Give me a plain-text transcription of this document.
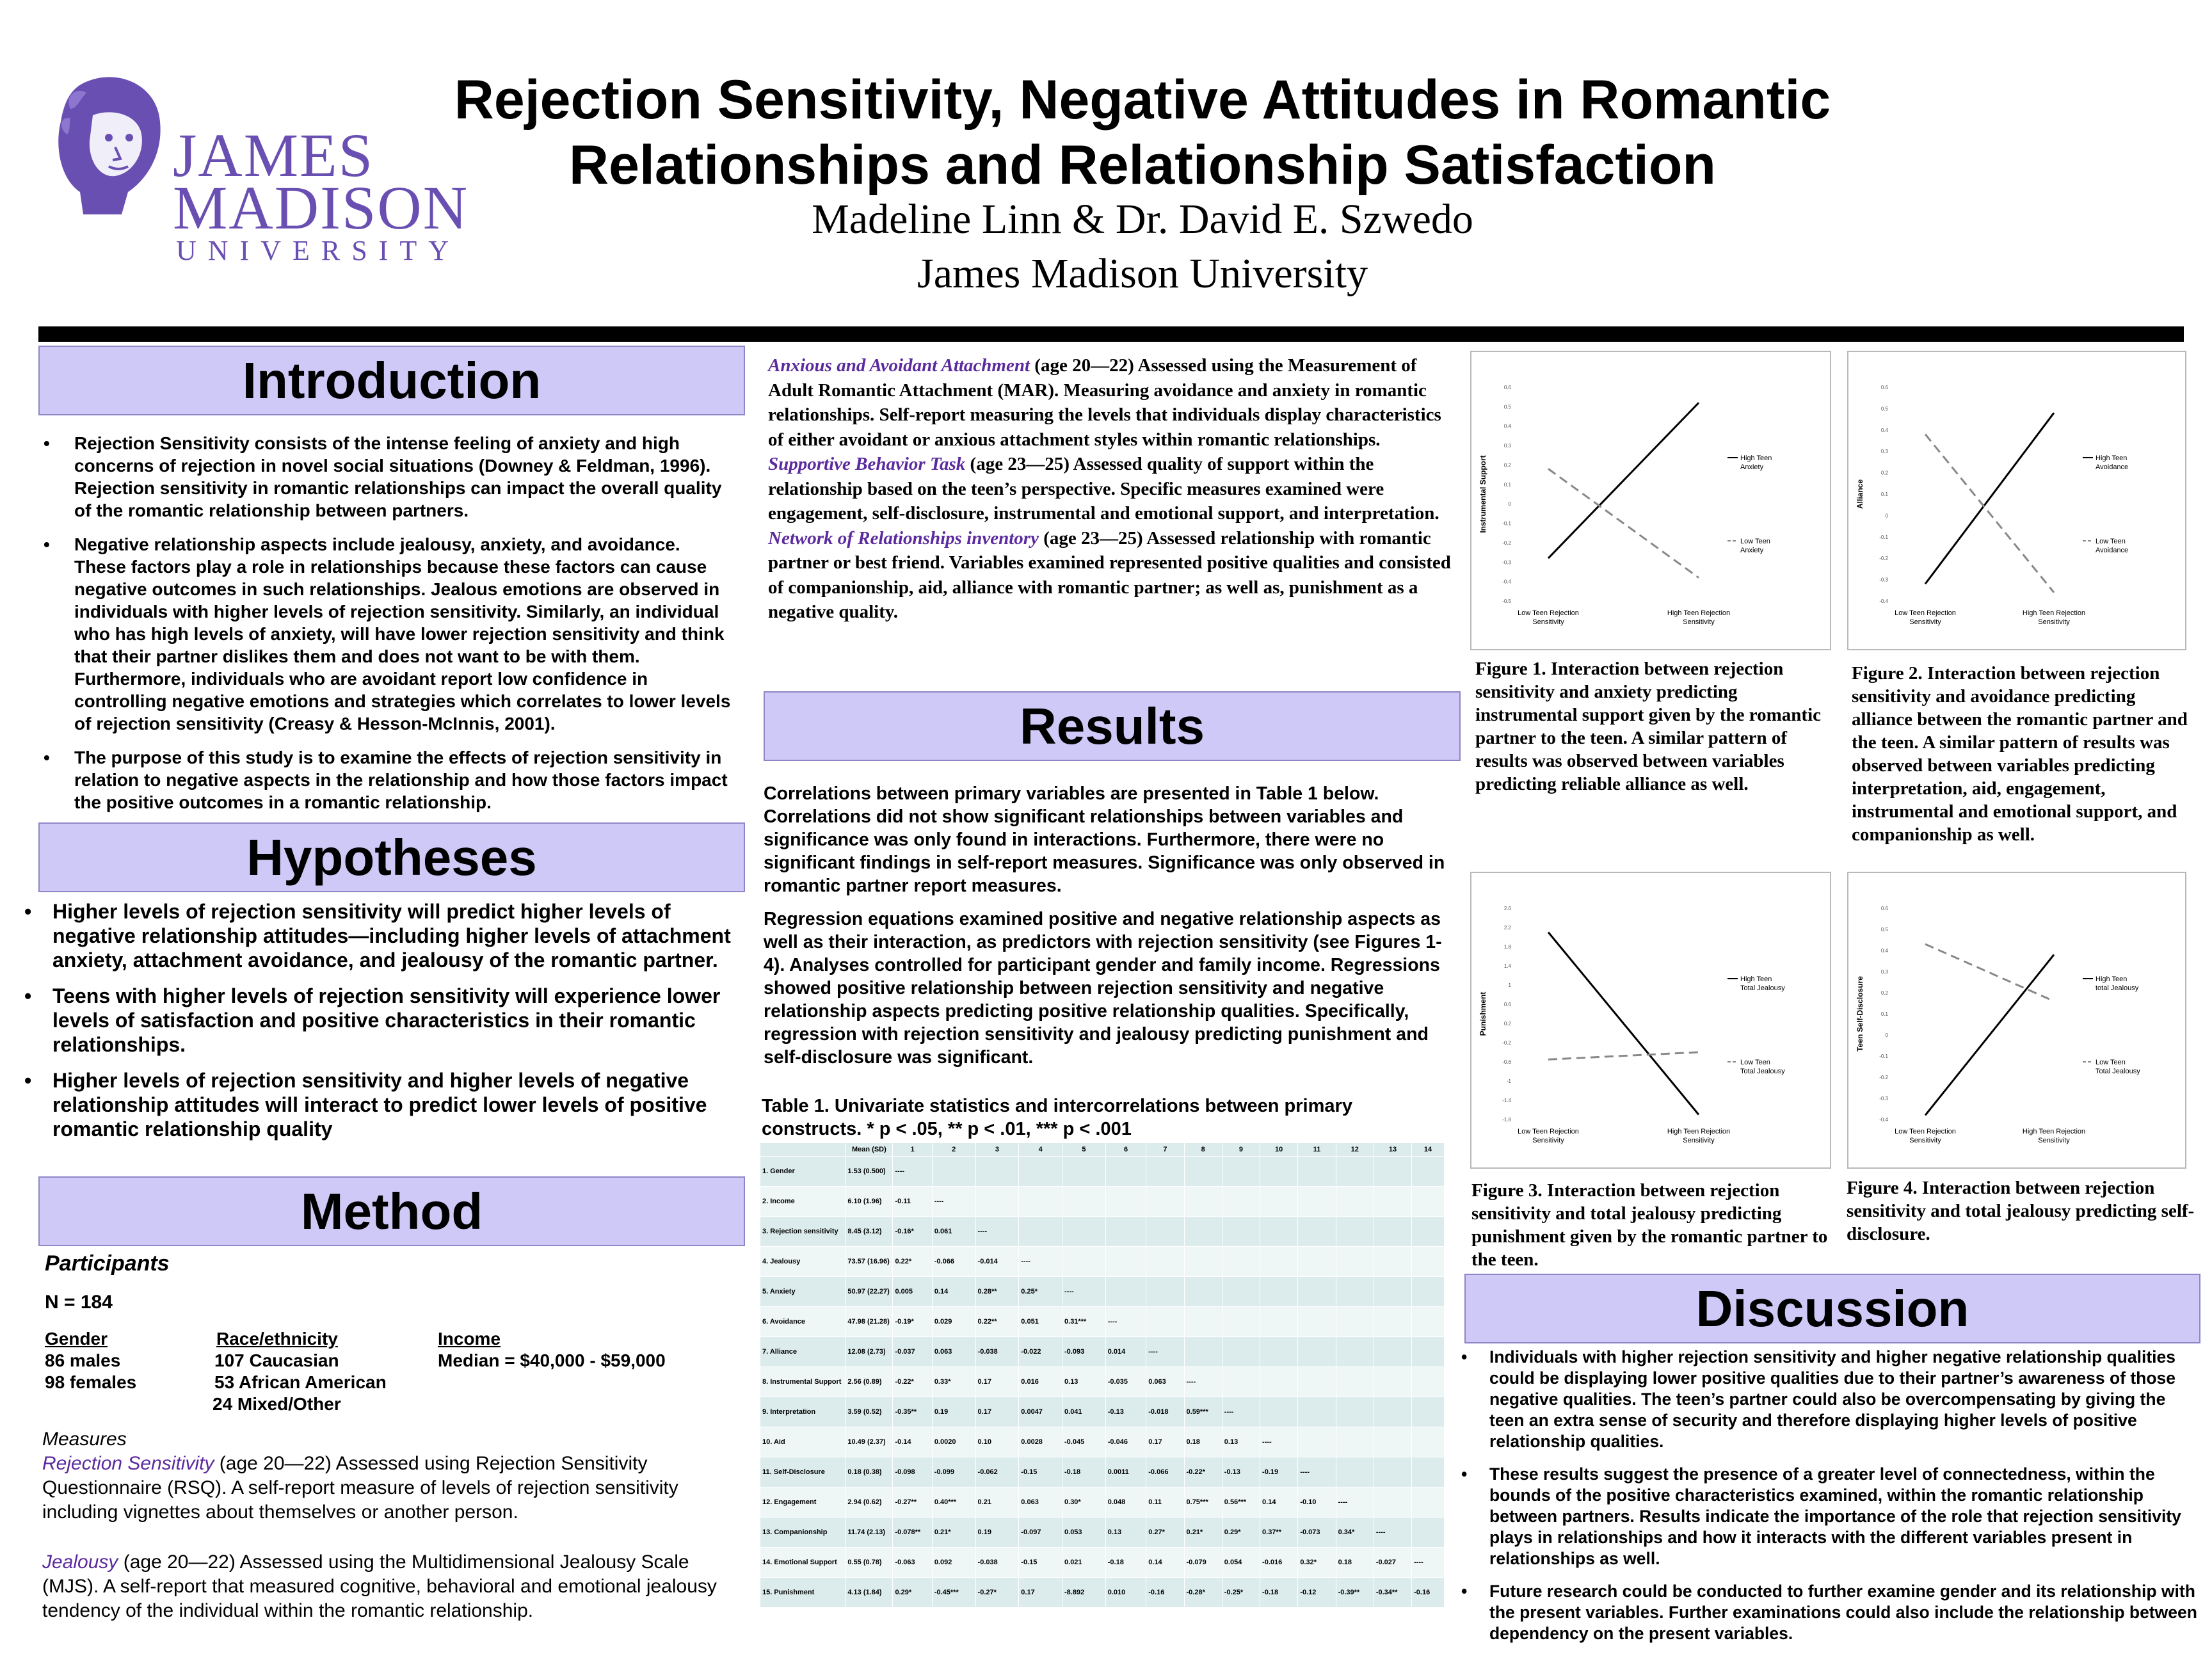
JAMES
MADISON
UNIVERSITY
Rejection Sensitivity, Negative Attitudes in Romantic
Relationships and Relationship Satisfaction
Madeline Linn & Dr. David E. Szwedo
James Madison University
Introduction
• Rejection Sensitivity consists of the intense feeling of anxiety and high concerns of rejection in novel social situations (Downey & Feldman, 1996). Rejection sensitivity in romantic relationships can impact the overall quality of the romantic relationship between partners.
• Negative relationship aspects include jealousy, anxiety, and avoidance. These factors play a role in relationships because these factors can cause negative outcomes in such relationships. Jealous emotions are observed in individuals with higher levels of rejection sensitivity. Similarly, an individual who has high levels of anxiety, will have lower rejection sensitivity and think that their partner dislikes them and does not want to be with them. Furthermore, individuals who are avoidant report low confidence in controlling negative emotions and strategies which correlates to lower levels of rejection sensitivity (Creasy & Hesson-McInnis, 2001).
• The purpose of this study is to examine the effects of rejection sensitivity in relation to negative aspects in the relationship and how those factors impact the positive outcomes in a romantic relationship.
Hypotheses
• Higher levels of rejection sensitivity will predict higher levels of negative relationship attitudes—including higher levels of attachment anxiety, attachment avoidance, and jealousy of the romantic partner.
• Teens with higher levels of rejection sensitivity will experience lower levels of satisfaction and positive characteristics in their romantic relationships.
• Higher levels of rejection sensitivity and higher levels of negative relationship attitudes will interact to predict lower levels of positive romantic relationship quality
Method
Participants
N = 184
Gender
86 males
98 females
Race/ethnicity
107 Caucasian
53 African American
24 Mixed/Other
Income
Median = $40,000 - $59,000
Measures
Rejection Sensitivity (age 20—22) Assessed using Rejection Sensitivity Questionnaire (RSQ). A self-report measure of levels of rejection sensitivity including vignettes about themselves or another person.
Jealousy (age 20—22) Assessed using the Multidimensional Jealousy Scale (MJS). A self-report that measured cognitive, behavioral and emotional jealousy tendency of the individual within the romantic relationship.
Anxious and Avoidant Attachment (age 20—22) Assessed using the Measurement of Adult Romantic Attachment (MAR). Measuring avoidance and anxiety in romantic relationships. Self-report measuring the levels that individuals display characteristics of either avoidant or anxious attachment styles within romantic relationships.
Supportive Behavior Task (age 23—25) Assessed quality of support within the relationship based on the teen’s perspective. Specific measures examined were engagement, self-disclosure, instrumental and emotional support, and interpretation.
Network of Relationships inventory (age 23—25) Assessed relationship with romantic partner or best friend. Variables examined represented positive qualities and consisted of companionship, aid, alliance with romantic partner; as well as, punishment as a negative quality.
Results
Correlations between primary variables are presented in Table 1 below. Correlations did not show significant relationships between variables and significance was only found in interactions. Furthermore, there were no significant findings in self-report measures. Significance was only observed in romantic partner report measures.
Regression equations examined positive and negative relationship aspects as well as their interaction, as predictors with rejection sensitivity (see Figures 1-4). Analyses controlled for participant gender and family income. Regressions showed positive relationship between rejection sensitivity and negative relationship aspects predicting positive relationship qualities. Specifically, regression with rejection sensitivity and jealousy predicting punishment and self-disclosure was significant.
Table 1. Univariate statistics and intercorrelations between primary
constructs. * p < .05, ** p < .01, *** p < .001
	Mean (SD)	1	2	3	4	5	6	7	8	9	10	11	12	13	14
1. Gender	1.53 (0.500)	----													
2. Income	6.10 (1.96)	-0.11	----												
3. Rejection sensitivity	8.45 (3.12)	-0.16*	0.061	----											
4. Jealousy	73.57 (16.96)	0.22*	-0.066	-0.014	----										
5. Anxiety	50.97 (22.27)	0.005	0.14	0.28**	0.25*	----									
6. Avoidance	47.98 (21.28)	-0.19*	0.029	0.22**	0.051	0.31***	----								
7. Alliance	12.08 (2.73)	-0.037	0.063	-0.038	-0.022	-0.093	0.014	----							
8. Instrumental Support	2.56 (0.89)	-0.22*	0.33*	0.17	0.016	0.13	-0.035	0.063	----						
9. Interpretation	3.59 (0.52)	-0.35**	0.19	0.17	0.0047	0.041	-0.13	-0.018	0.59***	----					
10. Aid	10.49 (2.37)	-0.14	0.0020	0.10	0.0028	-0.045	-0.046	0.17	0.18	0.13	----				
11. Self-Disclosure	0.18 (0.38)	-0.098	-0.099	-0.062	-0.15	-0.18	0.0011	-0.066	-0.22*	-0.13	-0.19	----			
12. Engagement	2.94 (0.62)	-0.27**	0.40***	0.21	0.063	0.30*	0.048	0.11	0.75***	0.56***	0.14	-0.10	----		
13. Companionship	11.74 (2.13)	-0.078**	0.21*	0.19	-0.097	0.053	0.13	0.27*	0.21*	0.29*	0.37**	-0.073	0.34*	----	
14. Emotional Support	0.55 (0.78)	-0.063	0.092	-0.038	-0.15	0.021	-0.18	0.14	-0.079	0.054	-0.016	0.32*	0.18	-0.027	----
15. Punishment	4.13 (1.84)	0.29*	-0.45***	-0.27*	0.17	-8.892	0.010	-0.16	-0.28*	-0.25*	-0.18	-0.12	-0.39**	-0.34**	-0.16
0.6
0.5
0.4
0.3
0.2
0.1
0
-0.1
-0.2
-0.3
-0.4
-0.5
Instrumental Support
Low Teen Rejection Sensitivity
High Teen Rejection Sensitivity
High Teen Anxiety
Low Teen Anxiety
0.6
0.5
0.4
0.3
0.2
0.1
0
-0.1
-0.2
-0.3
-0.4
Alliance
Low Teen Rejection Sensitivity
High Teen Rejection Sensitivity
High Teen Avoidance
Low Teen Avoidance
2.6
2.2
1.8
1.4
1
0.6
0.2
-0.2
-0.6
-1
-1.4
-1.8
Punishment
Low Teen Rejection Sensitivity
High Teen Rejection Sensitivity
High Teen Total Jealousy
Low Teen Total Jealousy
0.6
0.5
0.4
0.3
0.2
0.1
0
-0.1
-0.2
-0.3
-0.4
Teen Self-Disclosure
Low Teen Rejection Sensitivity
High Teen Rejection Sensitivity
High Teen total Jealousy
Low Teen Total Jealousy
Figure 1. Interaction between rejection sensitivity and anxiety predicting instrumental support given by the romantic partner to the teen. A similar pattern of results was observed between variables predicting reliable alliance as well.
Figure 2. Interaction between rejection sensitivity and avoidance predicting alliance between the romantic partner and the teen. A similar pattern of results was observed between variables predicting interpretation, aid, engagement, instrumental and emotional support, and companionship as well.
Figure 3. Interaction between rejection sensitivity and total jealousy predicting punishment given by the romantic partner to the teen.
Figure 4. Interaction between rejection sensitivity and total jealousy predicting self-disclosure.
Discussion
• Individuals with higher rejection sensitivity and higher negative relationship qualities could be displaying lower positive qualities due to their partner’s awareness of those negative qualities. The teen’s partner could also be overcompensating by giving the teen an extra sense of security and therefore displaying higher levels of positive relationship qualities.
• These results suggest the presence of a greater level of connectedness, within the bounds of the positive characteristics examined, within the romantic relationship between partners. Results indicate the importance of the role that rejection sensitivity plays in relationships and how it interacts with the different variables present in relationships as well.
• Future research could be conducted to further examine gender and its relationship with the present variables. Further examinations could also include the relationship between dependency on the present variables.
